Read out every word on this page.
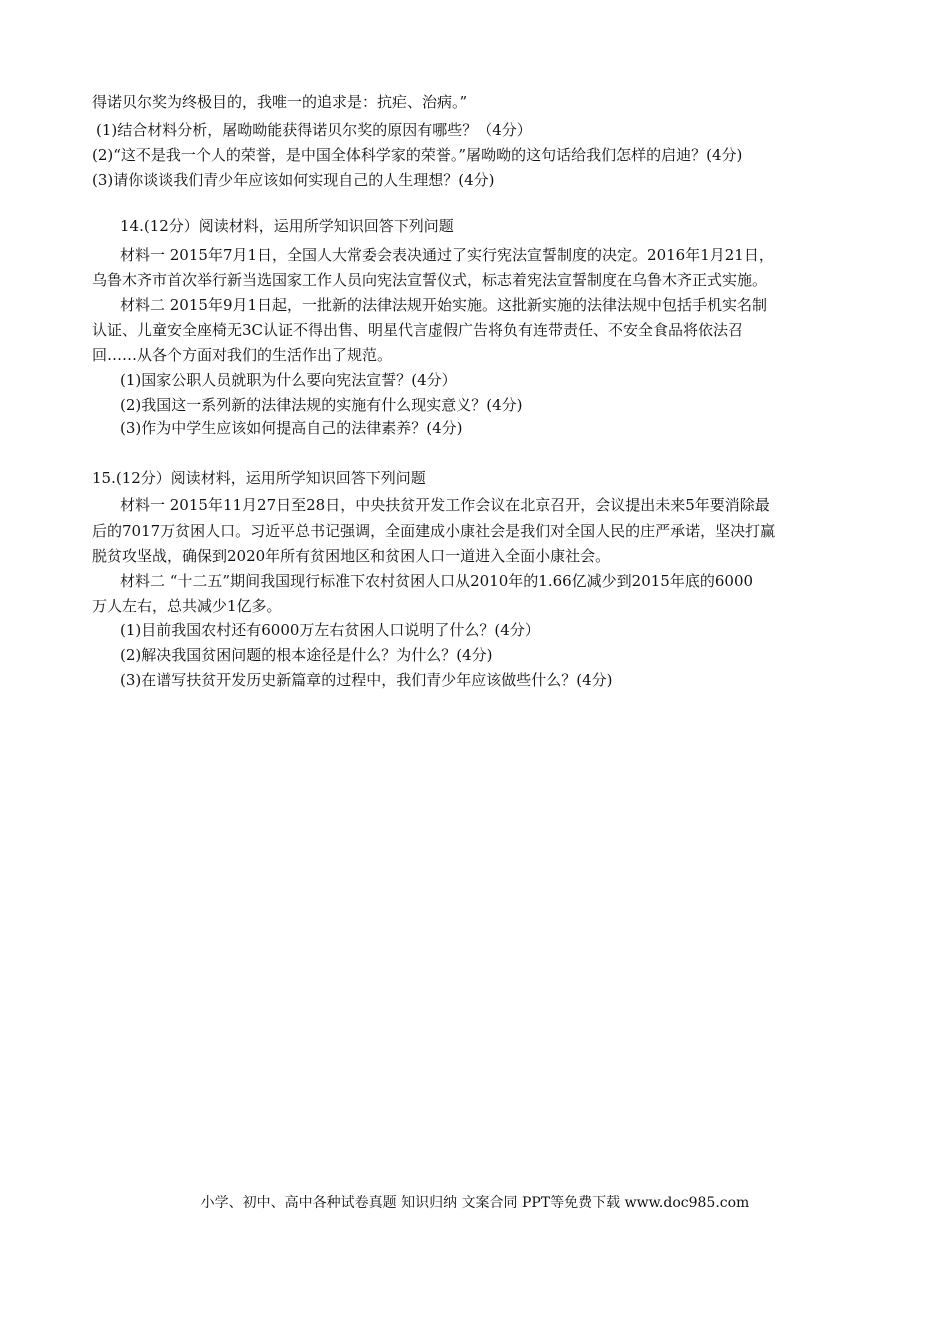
得诺贝尔奖为终极目的，我唯一的追求是：抗疟、治病。”
(1)结合材料分析，屠呦呦能获得诺贝尔奖的原因有哪些？（4分）
(2)“这不是我一个人的荣誉，是中国全体科学家的荣誉。”屠呦呦的这句话给我们怎样的启迪？(4分)
(3)请你谈谈我们青少年应该如何实现自己的人生理想？(4分)
14.(12分）阅读材料，运用所学知识回答下列问题
材料一 2015年7月1日，全国人大常委会表决通过了实行宪法宣誓制度的决定。2016年1月21日，
乌鲁木齐市首次举行新当选国家工作人员向宪法宣誓仪式，标志着宪法宣誓制度在乌鲁木齐正式实施。
材料二 2015年9月1日起，一批新的法律法规开始实施。这批新实施的法律法规中包括手机实名制
认证、儿童安全座椅无3C认证不得出售、明星代言虚假广告将负有连带责任、不安全食品将依法召
回……从各个方面对我们的生活作出了规范。
(1)国家公职人员就职为什么要向宪法宣誓？(4分）
(2)我国这一系列新的法律法规的实施有什么现实意义？(4分)
(3)作为中学生应该如何提高自己的法律素养？(4分)
15.(12分）阅读材料，运用所学知识回答下列问题
材料一 2015年11月27日至28日，中央扶贫开发工作会议在北京召开，会议提出未来5年要消除最
后的7017万贫困人口。习近平总书记强调，全面建成小康社会是我们对全国人民的庄严承诺，坚决打赢
脱贫攻坚战，确保到2020年所有贫困地区和贫困人口一道进入全面小康社会。
材料二 “十二五”期间我国现行标准下农村贫困人口从2010年的1.66亿减少到2015年底的6000
万人左右，总共减少1亿多。
(1)目前我国农村还有6000万左右贫困人口说明了什么？(4分）
(2)解决我国贫困问题的根本途径是什么？为什么？(4分)
(3)在谱写扶贫开发历史新篇章的过程中，我们青少年应该做些什么？(4分)
小学、初中、高中各种试卷真题 知识归纳 文案合同 PPT等免费下载 www.doc985.com
